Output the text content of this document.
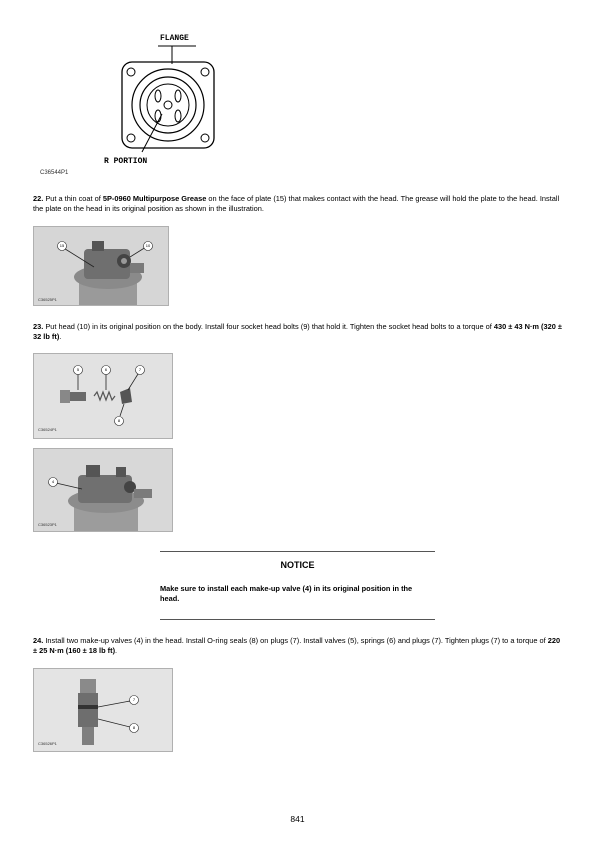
FLANGE
R PORTION
C36544P1
22. Put a thin coat of 5P-0960 Multipurpose Grease on the face of plate (15) that makes contact with the head. The grease will hold the plate to the head. Install the plate on the head in its original position as shown in the illustration.
15	10
C36525P1
23. Put head (10) in its original position on the body. Install four socket head bolts (9) that hold it. Tighten the socket head bolts to a torque of 430 ± 43 N·m (320 ± 32 lb ft).
5	6	7
8
C36524P1
4
C36523P1
NOTICE
Make sure to install each make-up valve (4) in its original position in the head.
24. Install two make-up valves (4) in the head. Install O-ring seals (8) on plugs (7). Install valves (5), springs (6) and plugs (7). Tighten plugs (7) to a torque of 220 ± 25 N·m (160 ± 18 lb ft).
7
8
C36526P1
841
